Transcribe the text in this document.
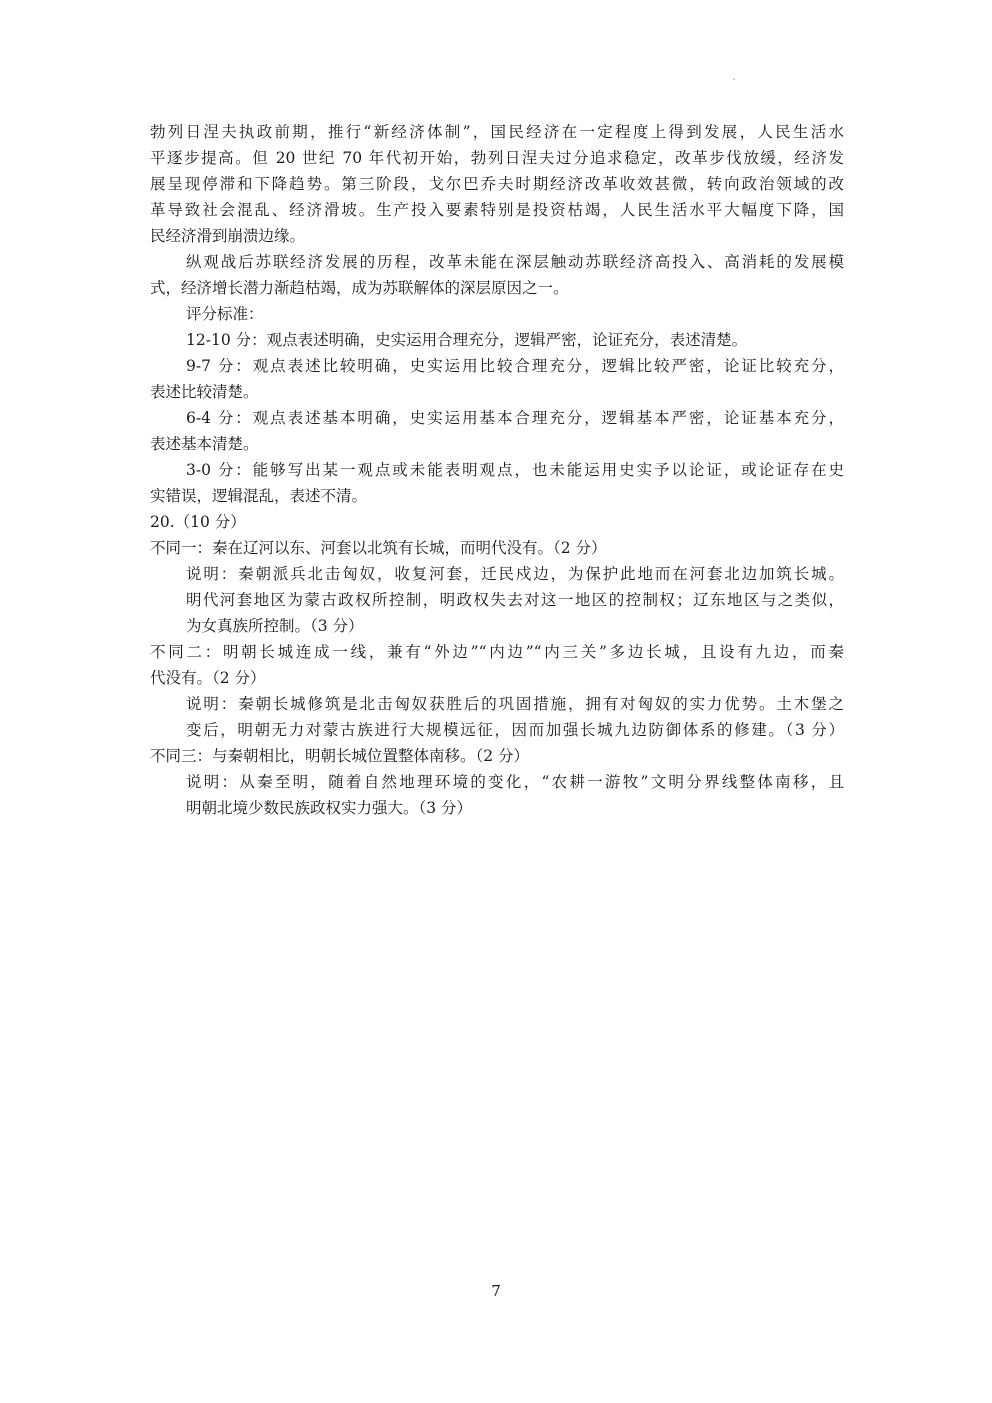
勃列日涅夫执政前期，推行“新经济体制”，国民经济在一定程度上得到发展，人民生活水
平逐步提高。但 20 世纪 70 年代初开始，勃列日涅夫过分追求稳定，改革步伐放缓，经济发
展呈现停滞和下降趋势。第三阶段，戈尔巴乔夫时期经济改革收效甚微，转向政治领域的改
革导致社会混乱、经济滑坡。生产投入要素特别是投资枯竭，人民生活水平大幅度下降，国
民经济滑到崩溃边缘。
纵观战后苏联经济发展的历程，改革未能在深层触动苏联经济高投入、高消耗的发展模
式，经济增长潜力渐趋枯竭，成为苏联解体的深层原因之一。
评分标准：
12-10 分：观点表述明确，史实运用合理充分，逻辑严密，论证充分，表述清楚。
9-7 分：观点表述比较明确，史实运用比较合理充分，逻辑比较严密，论证比较充分，
表述比较清楚。
6-4 分：观点表述基本明确，史实运用基本合理充分，逻辑基本严密，论证基本充分，
表述基本清楚。
3-0 分：能够写出某一观点或未能表明观点，也未能运用史实予以论证，或论证存在史
实错误，逻辑混乱，表述不清。
20.（10 分）
不同一：秦在辽河以东、河套以北筑有长城，而明代没有。（2 分）
说明：秦朝派兵北击匈奴，收复河套，迁民戍边，为保护此地而在河套北边加筑长城。
明代河套地区为蒙古政权所控制，明政权失去对这一地区的控制权；辽东地区与之类似，
为女真族所控制。（3 分）
不同二：明朝长城连成一线，兼有“外边”“内边”“内三关”多边长城，且设有九边，而秦
代没有。（2 分）
说明：秦朝长城修筑是北击匈奴获胜后的巩固措施，拥有对匈奴的实力优势。土木堡之
变后，明朝无力对蒙古族进行大规模远征，因而加强长城九边防御体系的修建。（3 分）
不同三：与秦朝相比，明朝长城位置整体南移。（2 分）
说明：从秦至明，随着自然地理环境的变化，“农耕一游牧”文明分界线整体南移，且
明朝北境少数民族政权实力强大。（3 分）
7
